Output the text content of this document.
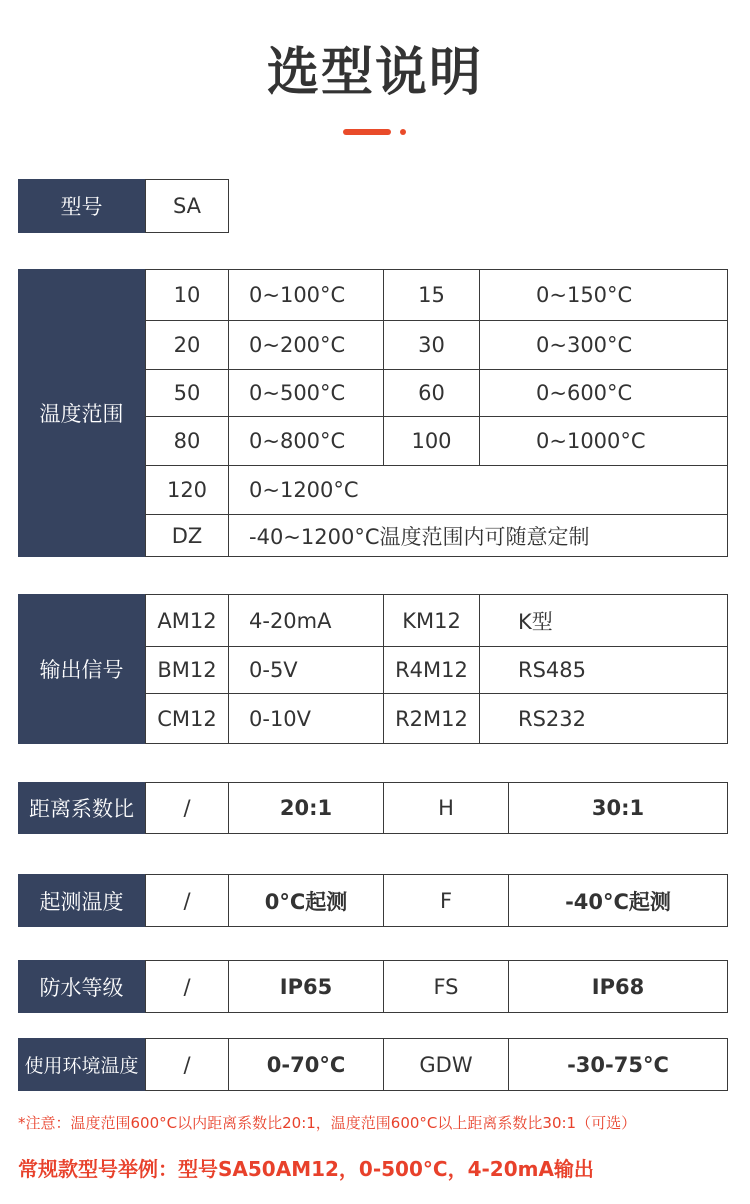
选型说明
型号	SA
温度范围
10	0~100°C	15	0~150°C
20	0~200°C	30	0~300°C
50	0~500°C	60	0~600°C
80	0~800°C	100	0~1000°C
120	0~1200°C
DZ	-40~1200°C温度范围内可随意定制
输出信号
AM12	4-20mA	KM12	K型
BM12	0-5V	R4M12	RS485
CM12	0-10V	R2M12	RS232
距离系数比	/	20:1	H	30:1
起测温度	/	0°C起测	F	-40°C起测
防水等级	/	IP65	FS	IP68
使用环境温度	/	0-70°C	GDW	-30-75°C
*注意：温度范围600°C以内距离系数比20:1，温度范围600°C以上距离系数比30:1（可选）
常规款型号举例：型号SA50AM12，0-500°C，4-20mA输出
